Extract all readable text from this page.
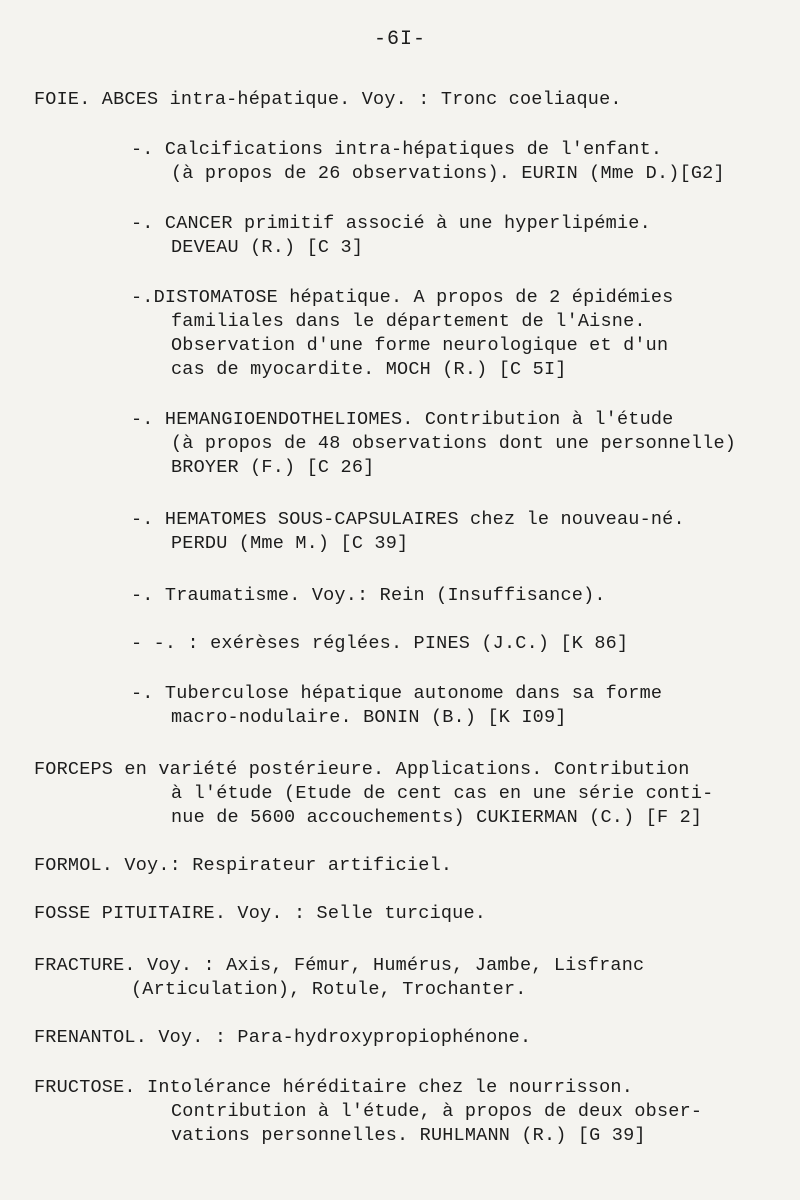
-6I-
FOIE. ABCES intra-hépatique. Voy. : Tronc coeliaque.
-. Calcifications intra-hépatiques de l'enfant.
(à propos de 26 observations). EURIN (Mme D.)[G2]
-. CANCER primitif associé à une hyperlipémie.
DEVEAU (R.) [C 3]
-.DISTOMATOSE hépatique. A propos de 2 épidémies
familiales dans le département de l'Aisne.
Observation d'une forme neurologique et d'un
cas de myocardite. MOCH (R.) [C 5I]
-. HEMANGIOENDOTHELIOMES. Contribution à l'étude
(à propos de 48 observations dont une personnelle)
BROYER (F.) [C 26]
-. HEMATOMES SOUS-CAPSULAIRES chez le nouveau-né.
PERDU (Mme M.) [C 39]
-. Traumatisme. Voy.: Rein (Insuffisance).
- -. : exérèses réglées. PINES (J.C.) [K 86]
-. Tuberculose hépatique autonome dans sa forme
macro-nodulaire. BONIN (B.) [K I09]
FORCEPS en variété postérieure. Applications. Contribution
à l'étude (Etude de cent cas en une série conti-
nue de 5600 accouchements) CUKIERMAN (C.) [F 2]
FORMOL. Voy.: Respirateur artificiel.
FOSSE PITUITAIRE. Voy. : Selle turcique.
FRACTURE. Voy. : Axis, Fémur, Humérus, Jambe, Lisfranc
(Articulation), Rotule, Trochanter.
FRENANTOL. Voy. : Para-hydroxypropiophénone.
FRUCTOSE. Intolérance héréditaire chez le nourrisson.
Contribution à l'étude, à propos de deux obser-
vations personnelles. RUHLMANN (R.) [G 39]
